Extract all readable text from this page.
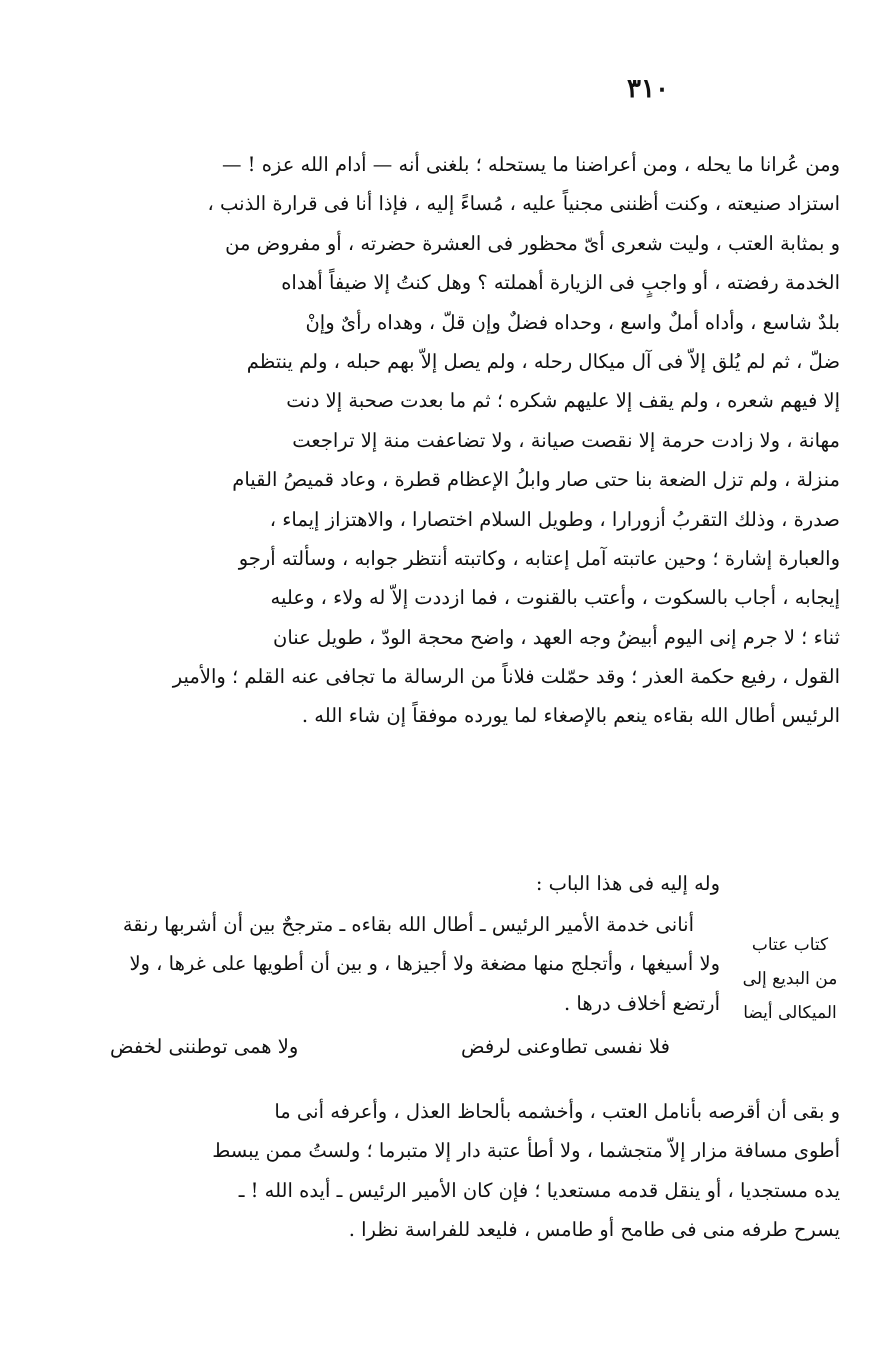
٣١٠
ومن عُرانا ما يحله ، ومن أعراضنا ما يستحله ؛ بلغنى أنه — أدام الله عزه ! —
استزاد صنيعته ، وكنت أظننى مجنياً عليه ، مُساءً إليه ، فإذا أنا فى قرارة الذنب ،
و بمثابة العتب ، وليت شعرى أىّ محظور فى العشرة حضرته ، أو مفروض من
الخدمة رفضته ، أو واجبٍ فى الزيارة أهملته ؟ وهل كنتُ إلا ضيفاً أهداه
بلدٌ شاسع ، وأداه أملٌ واسع ، وحداه فضلٌ وإن قلّ ، وهداه رأىٌ وإنْ
ضلّ ، ثم لم يُلق إلاّ فى آل ميكال رحله ، ولم يصل إلاّ بهم حبله ، ولم ينتظم
إلا فيهم شعره ، ولم يقف إلا عليهم شكره ؛ ثم ما بعدت صحبة إلا دنت
مهانة ، ولا زادت حرمة إلا نقصت صيانة ، ولا تضاعفت منة إلا تراجعت
منزلة ، ولم تزل الضعة بنا حتى صار وابلُ الإعظام قطرة ، وعاد قميصُ القيام
صدرة ، وذلك التقربُ أزورارا ، وطويل السلام اختصارا ، والاهتزاز إيماء ،
والعبارة إشارة ؛ وحين عاتبته آمل إعتابه ، وكاتبته أنتظر جوابه ، وسألته أرجو
إيجابه ، أجاب بالسكوت ، وأعتب بالقنوت ، فما ازددت إلاّ له ولاء ، وعليه
ثناء ؛ لا جرم إنى اليوم أبيضُ وجه العهد ، واضح محجة الودّ ، طويل عنان
القول ، رفيع حكمة العذر ؛ وقد حمّلت فلاناً من الرسالة ما تجافى عنه القلم ؛ والأمير
الرئيس أطال الله بقاءه ينعم بالإصغاء لما يورده موفقاً إن شاء الله .
وله إليه فى هذا الباب :
أنانى خدمة الأمير الرئيس ـ أطال الله بقاءه ـ مترجحٌ بين أن أشربها رنقة
ولا أسيغها ، وأتجلج منها مضغة ولا أجيزها ، و بين أن أطويها على غرها ، ولا
أرتضع أخلاف درها .
كتاب عتاب
من البديع إلى
الميكالى أيضا
فلا نفسى تطاوعنى لرفض
ولا همى توطننى لخفض
و بقى أن أقرصه بأنامل العتب ، وأخشمه بألحاظ العذل ، وأعرفه أنى ما
أطوى مسافة مزار إلاّ متجشما ، ولا أطأ عتبة دار إلا متبرما ؛ ولستُ ممن يبسط
يده مستجديا ، أو ينقل قدمه مستعديا ؛ فإن كان الأمير الرئيس ـ أيده الله ! ـ
يسرح طرفه منى فى طامح أو طامس ، فليعد للفراسة نظرا .
